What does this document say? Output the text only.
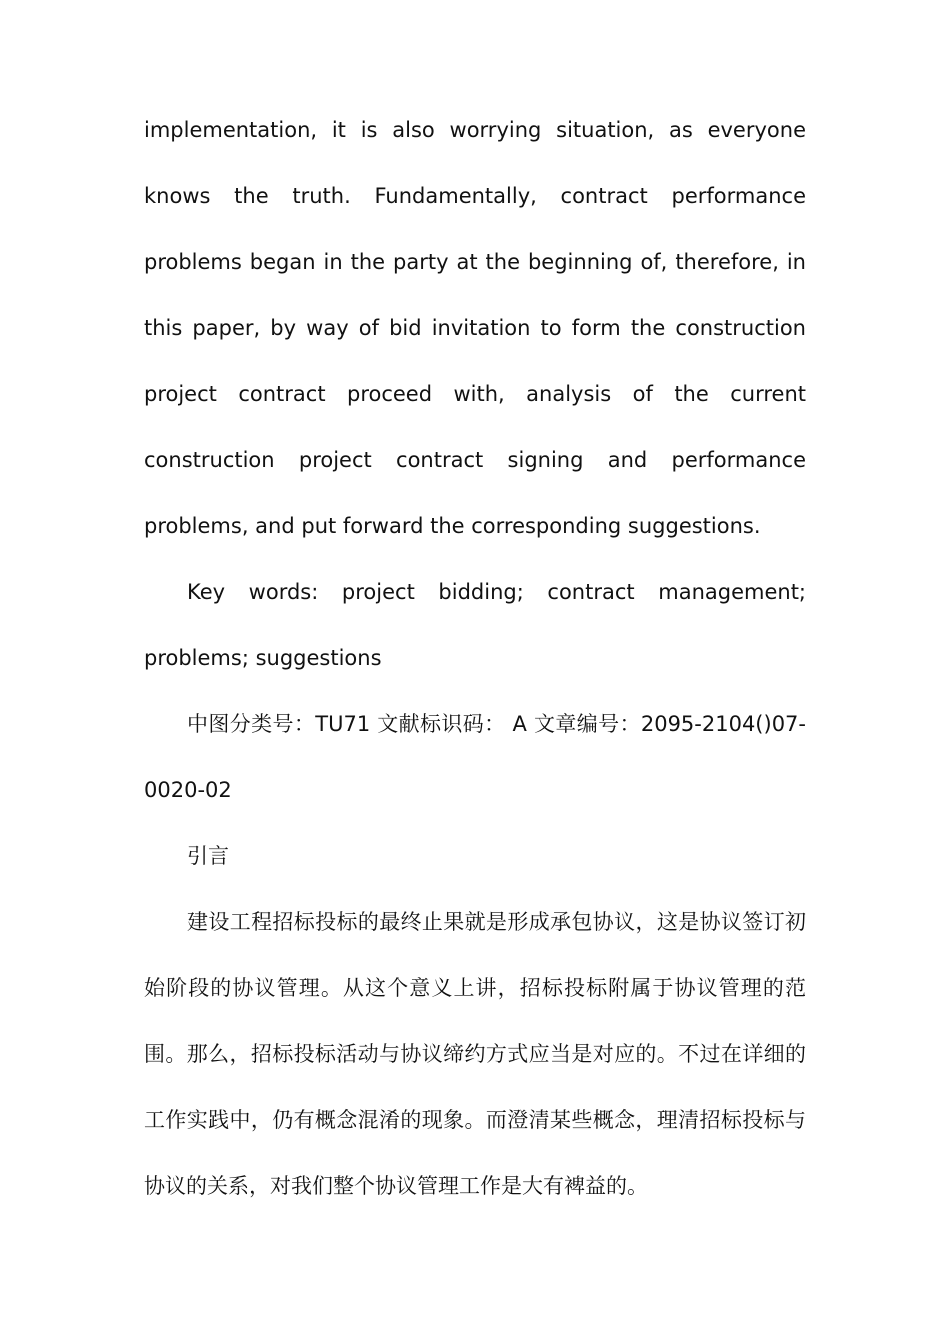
implementation, it is also worrying situation, as everyone knows the truth. Fundamentally, contract performance problems began in the party at the beginning of, therefore, in this paper, by way of bid invitation to form the construction project contract proceed with, analysis of the current construction project contract signing and performance problems, and put forward the corresponding suggestions.

Key words: project bidding; contract management; problems; suggestions

中图分类号：TU71 文献标识码： A 文章编号：2095-2104()07-0020-02

引言

建设工程招标投标的最终止果就是形成承包协议，这是协议签订初始阶段的协议管理。从这个意义上讲，招标投标附属于协议管理的范围。那么，招标投标活动与协议缔约方式应当是对应的。不过在详细的工作实践中，仍有概念混淆的现象。而澄清某些概念，理清招标投标与协议的关系，对我们整个协议管理工作是大有裨益的。
